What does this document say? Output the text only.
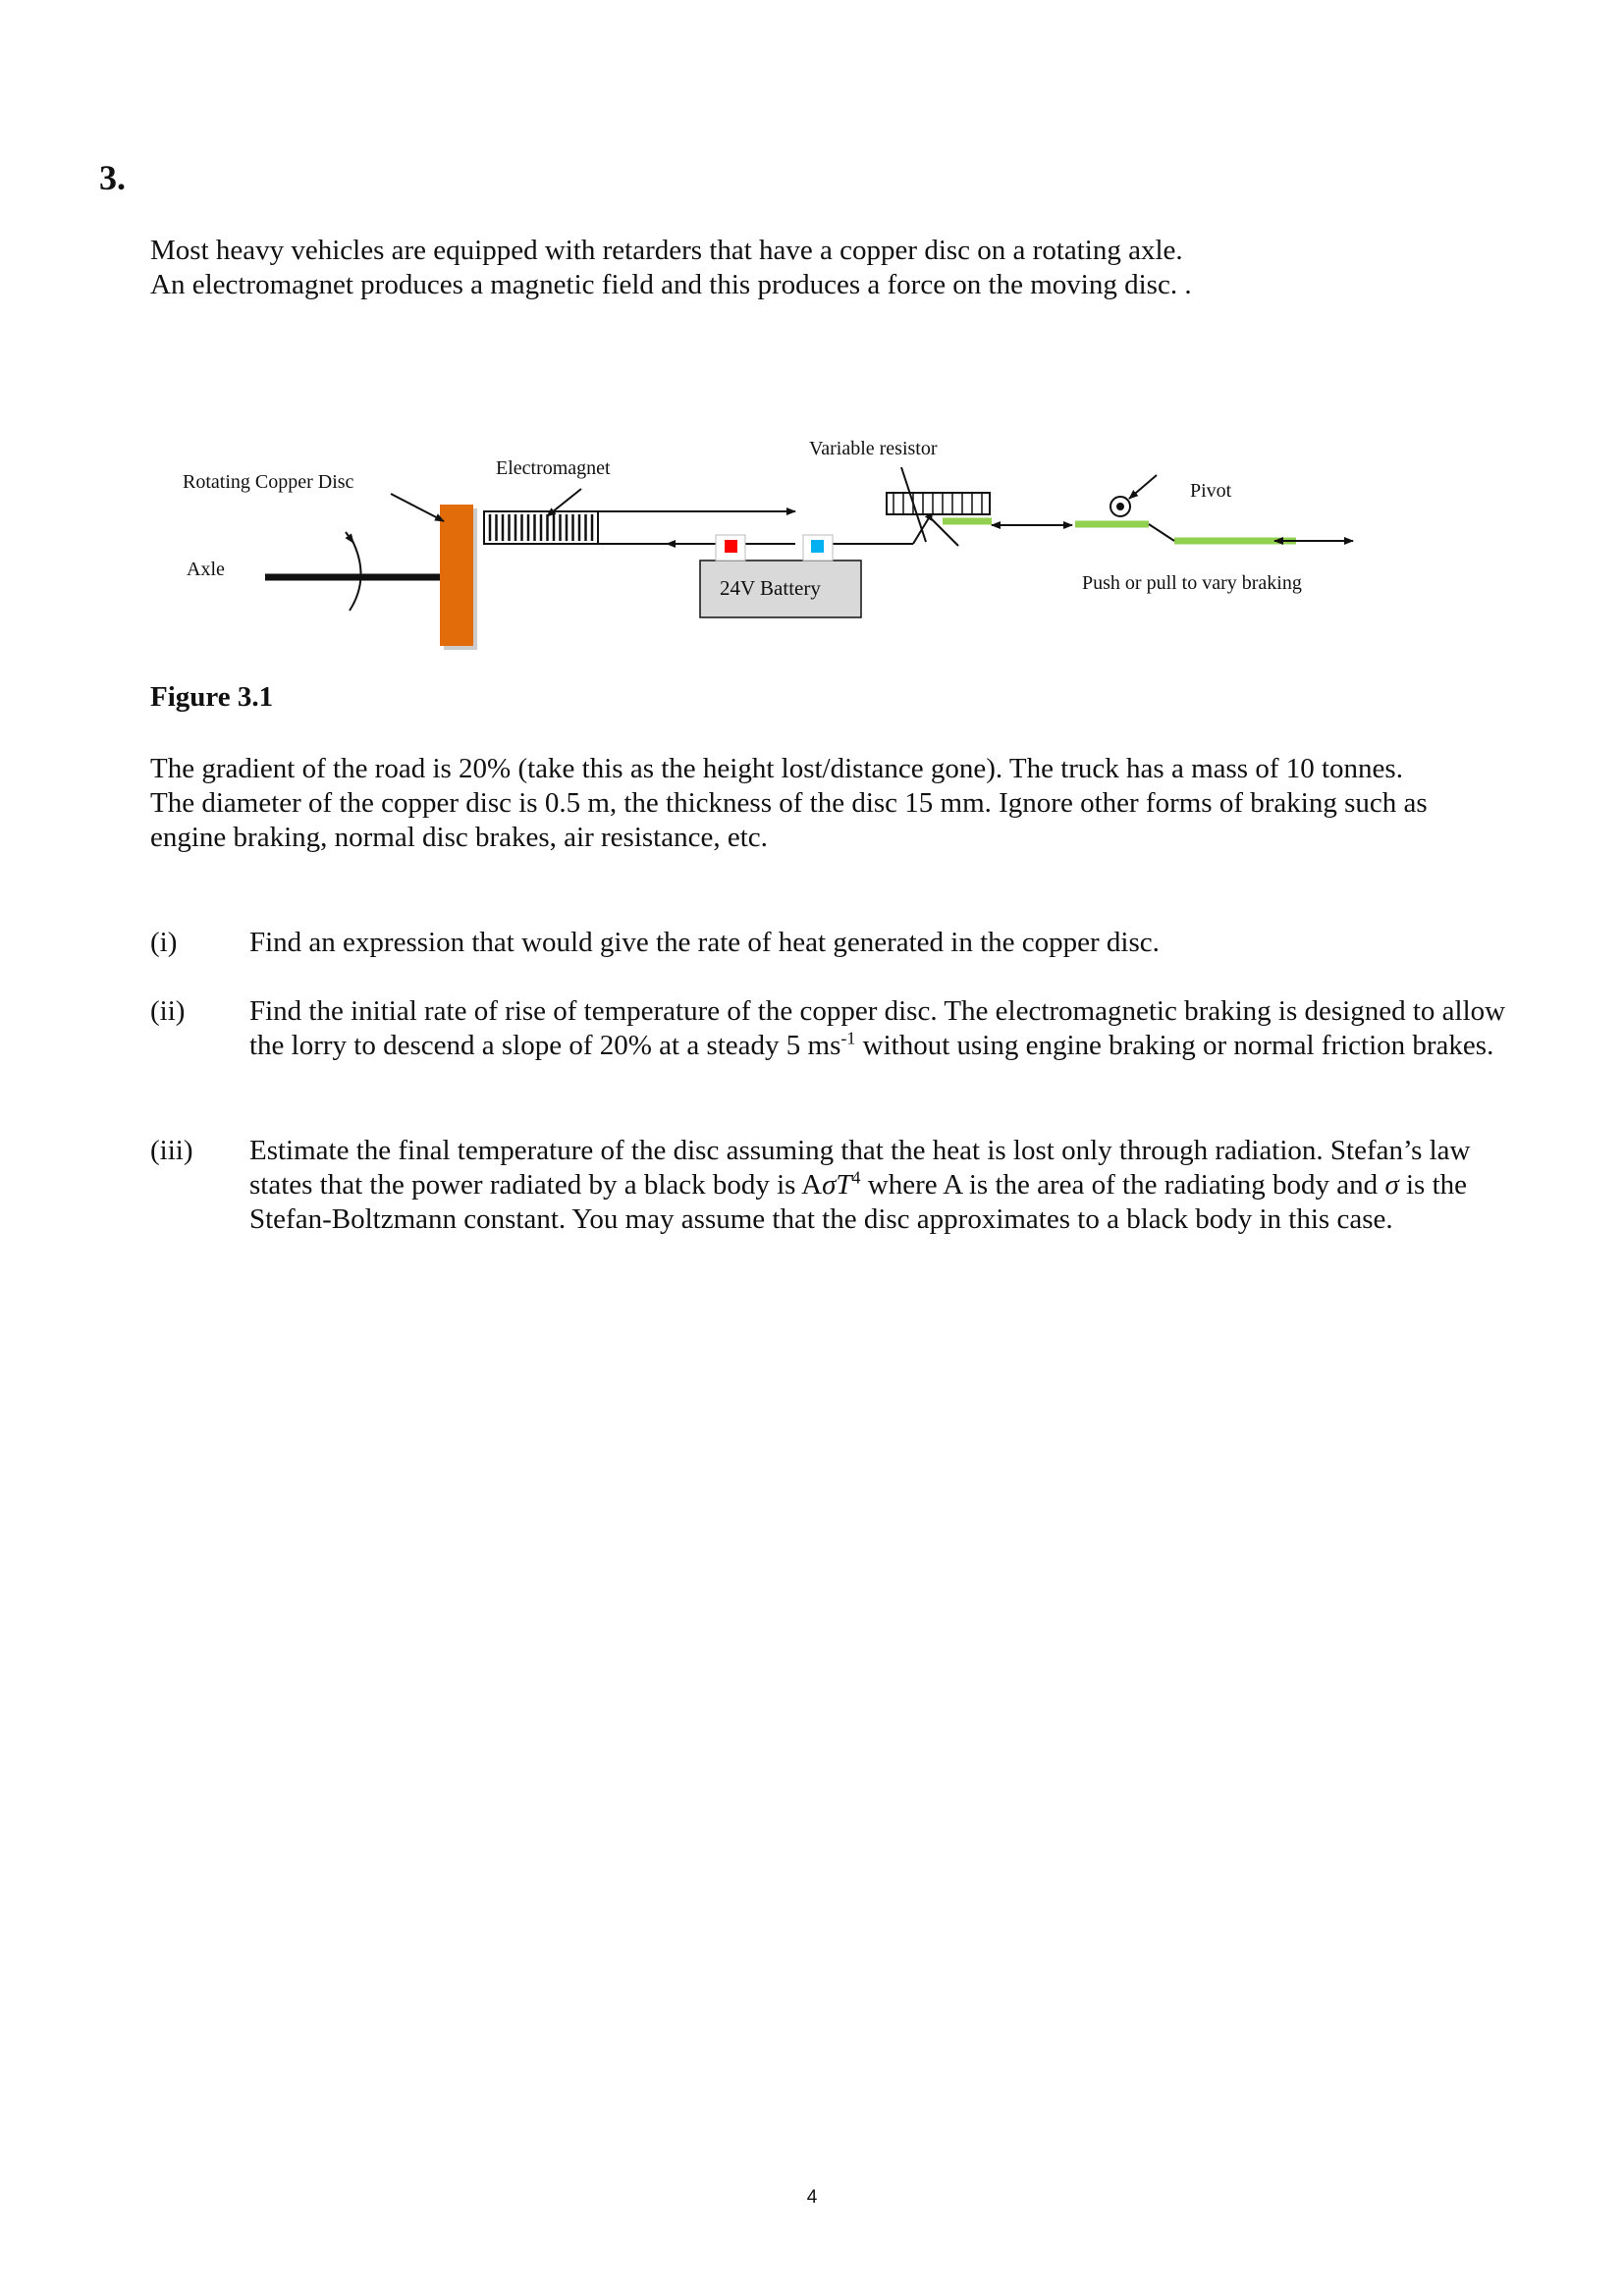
3.
Most heavy vehicles are equipped with retarders that have a copper disc on a rotating axle.
An electromagnet produces a magnetic field and this produces a force on the moving disc. .
Rotating Copper Disc
Axle
Electromagnet
Variable resistor
Pivot
Push or pull to vary braking
24V Battery
Figure 3.1
The gradient of the road is 20% (take this as the height lost/distance gone). The truck has a mass of 10 tonnes.
The diameter of the copper disc is 0.5 m, the thickness of the disc 15 mm. Ignore other forms of braking such as
engine braking, normal disc brakes, air resistance, etc.
(i)	Find an expression that would give the rate of heat generated in the copper disc.
(ii) Find the initial rate of rise of temperature of the copper disc. The electromagnetic braking is designed to allow the lorry to descend a slope of 20% at a steady 5 $ms^{-1}$ without using engine braking or normal friction brakes.
(iii) Estimate the final temperature of the disc assuming that the heat is lost only through radiation. Stefan’s law states that the power radiated by a black body is AσT$^4$ where A is the area of the radiating body and σ is the Stefan-Boltzmann constant. You may assume that the disc approximates to a black body in this case.
4
